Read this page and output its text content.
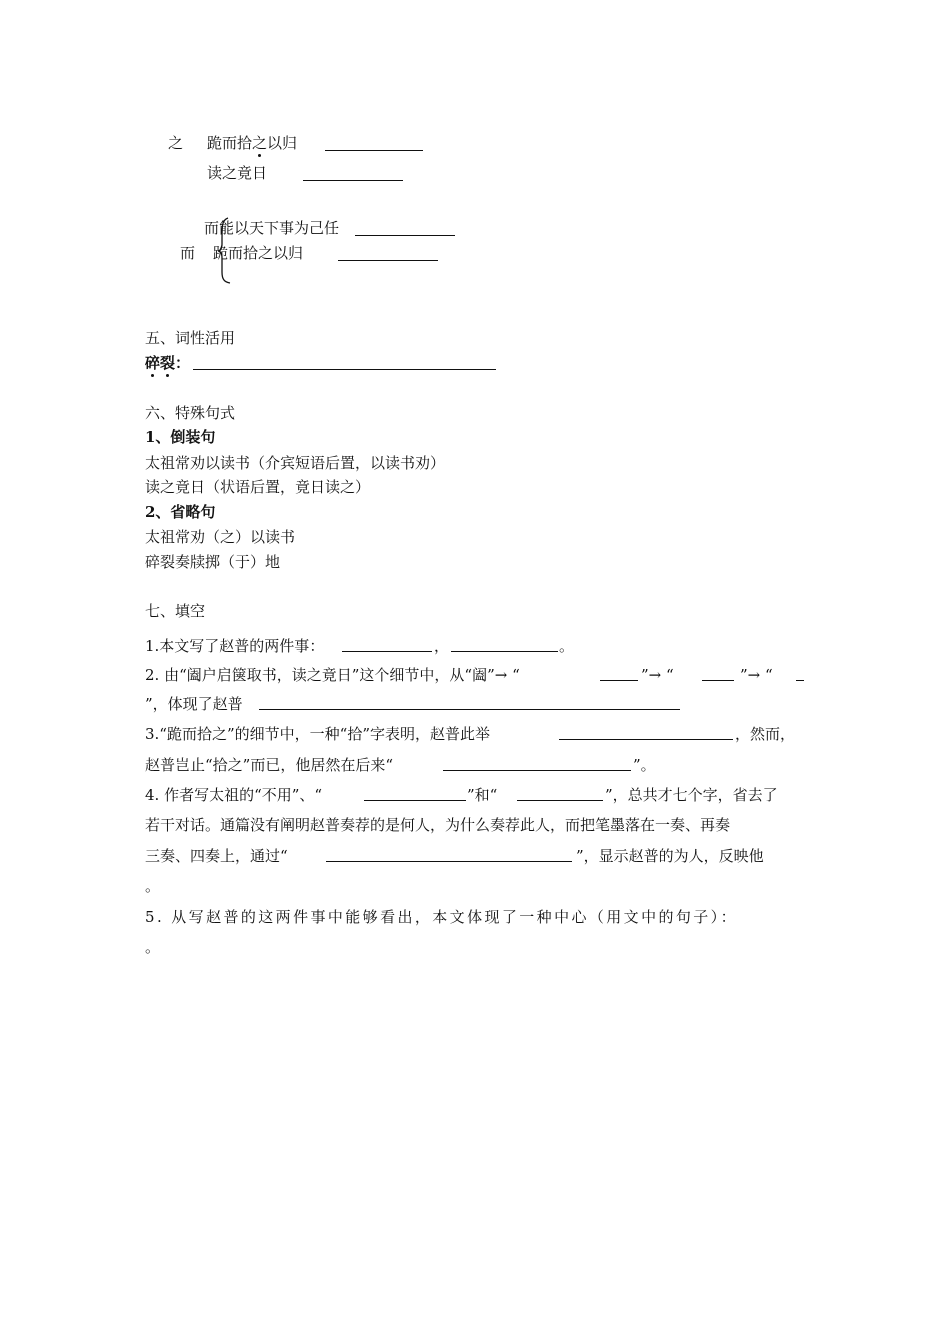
之 跪而拾之以归
读之竟日
而能以天下事为己任
而 跪而拾之以归
五、词性活用
碎裂：
六、特殊句式
1、倒装句
太祖常劝以读书（介宾短语后置，以读书劝）
读之竟日（状语后置，竟日读之）
2、省略句
太祖常劝（之）以读书
碎裂奏牍掷（于）地
七、填空
1.本文写了赵普的两件事：	，	。
2. 由“阖户启箧取书，读之竟日”这个细节中，从“阖”→ “	”→ “	”→ “
”，体现了赵普
3.“跪而拾之”的细节中，一种“拾”字表明，赵普此举	，然而，
赵普岂止“拾之”而已，他居然在后来“	”。
4. 作者写太祖的“不用”、“	”和“	”，总共才七个字，省去了
若干对话。通篇没有阐明赵普奏荐的是何人，为什么奏荐此人，而把笔墨落在一奏、再奏
三奏、四奏上，通过“	”，显示赵普的为人，反映他
。
5. 从写赵普的这两件事中能够看出，本文体现了一种中心（用文中的句子）：
。
